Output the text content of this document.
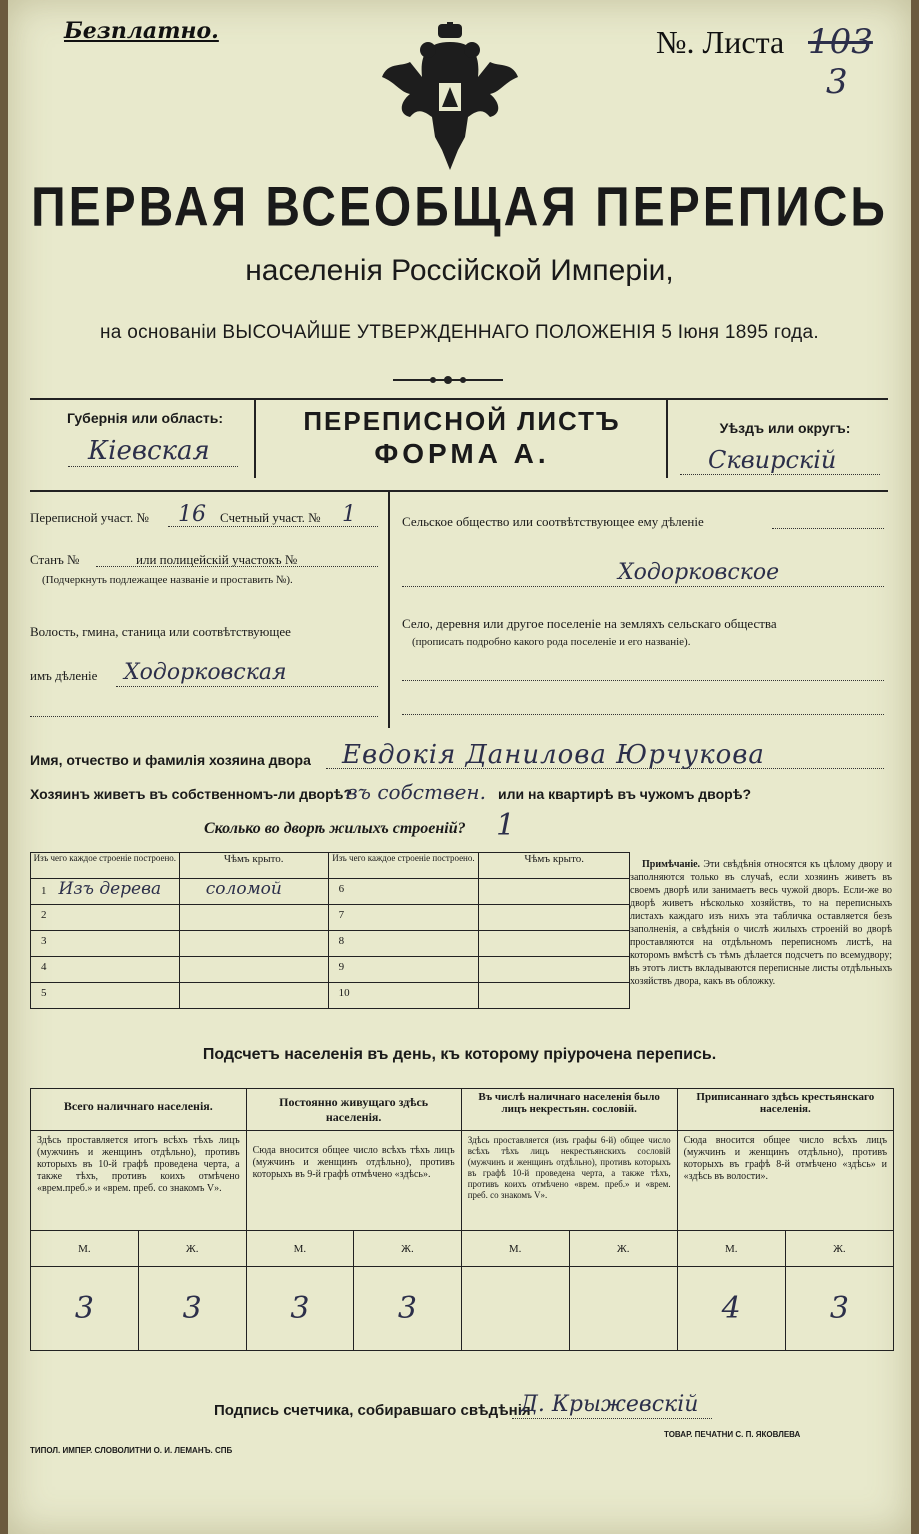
Безплатно.	№. Листа 103
3
ПЕРВАЯ ВСЕОБЩАЯ ПЕРЕПИСЬ
населенія Россійской Имперіи,
на основаніи ВЫСОЧАЙШЕ УТВЕРЖДЕННАГО ПОЛОЖЕНІЯ 5 Іюня 1895 года.
Губернія или область:
Кіевская
ПЕРЕПИСНОЙ ЛИСТЪ
ФОРМА А.
Уѣздъ или округъ:
Сквирскій
Переписной участ. № 16 Счетный участ. № 1
Станъ №	или полицейскій участокъ №
(Подчеркнуть подлежащее названіе и проставить №).
Волость, гмина, станица или соотвѣтствующее
имъ дѣленіе Ходорковская
Сельское общество или соотвѣтствующее ему дѣленіе
Ходорковское
Село, деревня или другое поселеніе на земляхъ сельскаго общества
(прописать подробно какого рода поселеніе и его названіе).
Имя, отчество и фамилія хозяина двора Евдокія Данилова Юрчукова
Хозяинъ живетъ въ собственномъ-ли дворѣ?
въ собствен. или на квартирѣ въ чужомъ дворѣ?
Сколько во дворѣ жилыхъ строеній? 1
Изъ чего каждое строеніе построено.	Чѣмъ крыто.	Изъ чего каждое строеніе построено.	Чѣмъ крыто.
1 Изъ дерева	соломой	6	
2		7	
3		8	
4		9	
5		10	
Примѣчаніе. Эти свѣдѣнія относятся къ цѣлому двору и заполняются только въ случаѣ, если хозяинъ живетъ въ своемъ дворѣ или занимаетъ весь чужой дворъ. Если-же во дворѣ живетъ нѣсколько хозяйствъ, то на переписныхъ листахъ каждаго изъ нихъ эта табличка оставляется безъ заполненія, а свѣдѣнія о числѣ жилыхъ строеній во дворѣ проставляются на отдѣльномъ переписномъ листѣ, на которомъ вмѣстѣ съ тѣмъ дѣлается подсчетъ по всемудвору; въ этотъ листъ вкладываются переписные листы отдѣльныхъ хозяйствъ двора, какъ въ обложку.
Подсчетъ населенія въ день, къ которому пріурочена перепись.
Всего наличнаго населенія.		Постоянно живущаго здѣсь населенія.		Въ числѣ наличнаго населенія было лицъ некрестьян. сословій.		Приписаннаго здѣсь крестьянскаго населенія.	
Здѣсь проставляется итогъ всѣхъ тѣхъ лицъ (мужчинъ и женщинъ отдѣльно), противъ которыхъ въ 10-й графѣ проведена черта, а также тѣхъ, противъ коихъ отмѣчено «врем.преб.» и «врем. преб. со знакомъ V».		Сюда вносится общее число всѣхъ тѣхъ лицъ (мужчинъ и женщинъ отдѣльно), противъ которыхъ въ 9-й графѣ отмѣчено «здѣсь».		Здѣсь проставляется (изъ графы 6-й) общее число всѣхъ тѣхъ лицъ некрестьянскихъ сословій (мужчинъ и женщинъ отдѣльно), противъ которыхъ въ графѣ 10-й проведена черта, а также тѣхъ, противъ коихъ отмѣчено «врем. преб.» и «врем. преб. со знакомъ V».		Сюда вносится общее число всѣхъ лицъ (мужчинъ и женщинъ отдѣльно), противъ которыхъ въ графѣ 8-й отмѣчено «здѣсь» и «здѣсь въ волости».	
М.	Ж.	М.	Ж.	М.	Ж.	М.	Ж.
3	3	3	3			4	3
Подпись счетчика, собиравшаго свѣдѣнія
Д. Крыжевскій
ТИПОЛ. ИМПЕР. СЛОВОЛИТНИ О. И. ЛЕМАНЪ. СПБ
ТОВАР. ПЕЧАТНИ С. П. ЯКОВЛЕВА
